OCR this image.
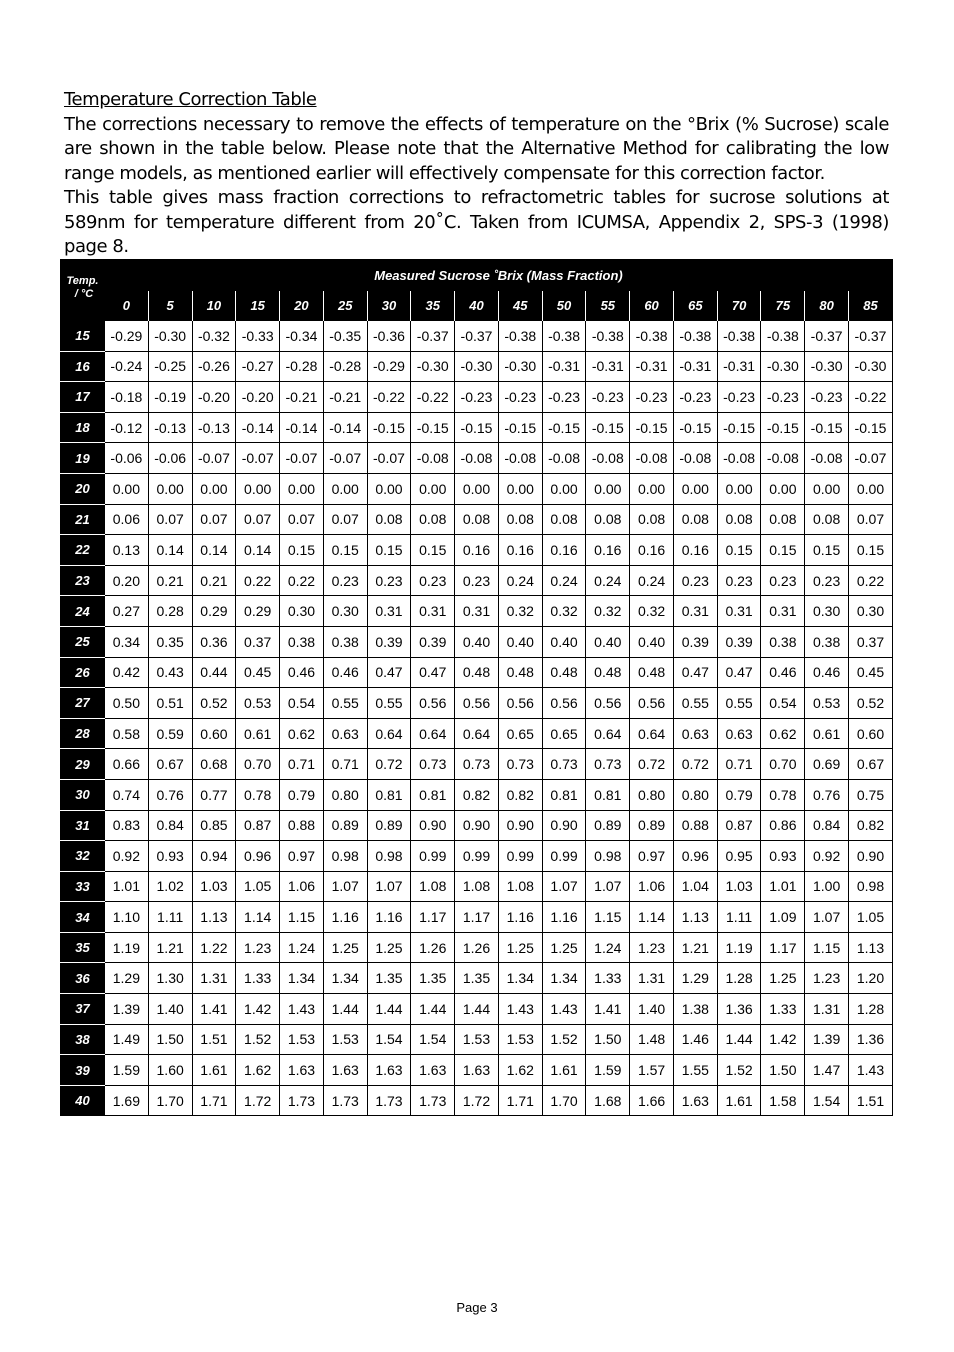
Temperature Correction Table
The corrections necessary to remove the effects of temperature on the °Brix (% Sucrose) scale are shown in the table below. Please note that the Alternative Method for calibrating the low range models, as mentioned earlier will effectively compensate for this correction factor.
This table gives mass fraction corrections to refractometric tables for sucrose solutions at 589nm for temperature different from 20˚C. Taken from ICUMSA, Appendix 2, SPS-3 (1998) page 8.
Temp.
/ °C	Measured Sucrose ˚Brix (Mass Fraction)																	
	0	5	10	15	20	25	30	35	40	45	50	55	60	65	70	75	80	85
15	-0.29	-0.30	-0.32	-0.33	-0.34	-0.35	-0.36	-0.37	-0.37	-0.38	-0.38	-0.38	-0.38	-0.38	-0.38	-0.38	-0.37	-0.37
16	-0.24	-0.25	-0.26	-0.27	-0.28	-0.28	-0.29	-0.30	-0.30	-0.30	-0.31	-0.31	-0.31	-0.31	-0.31	-0.30	-0.30	-0.30
17	-0.18	-0.19	-0.20	-0.20	-0.21	-0.21	-0.22	-0.22	-0.23	-0.23	-0.23	-0.23	-0.23	-0.23	-0.23	-0.23	-0.23	-0.22
18	-0.12	-0.13	-0.13	-0.14	-0.14	-0.14	-0.15	-0.15	-0.15	-0.15	-0.15	-0.15	-0.15	-0.15	-0.15	-0.15	-0.15	-0.15
19	-0.06	-0.06	-0.07	-0.07	-0.07	-0.07	-0.07	-0.08	-0.08	-0.08	-0.08	-0.08	-0.08	-0.08	-0.08	-0.08	-0.08	-0.07
20	0.00	0.00	0.00	0.00	0.00	0.00	0.00	0.00	0.00	0.00	0.00	0.00	0.00	0.00	0.00	0.00	0.00	0.00
21	0.06	0.07	0.07	0.07	0.07	0.07	0.08	0.08	0.08	0.08	0.08	0.08	0.08	0.08	0.08	0.08	0.08	0.07
22	0.13	0.14	0.14	0.14	0.15	0.15	0.15	0.15	0.16	0.16	0.16	0.16	0.16	0.16	0.15	0.15	0.15	0.15
23	0.20	0.21	0.21	0.22	0.22	0.23	0.23	0.23	0.23	0.24	0.24	0.24	0.24	0.23	0.23	0.23	0.23	0.22
24	0.27	0.28	0.29	0.29	0.30	0.30	0.31	0.31	0.31	0.32	0.32	0.32	0.32	0.31	0.31	0.31	0.30	0.30
25	0.34	0.35	0.36	0.37	0.38	0.38	0.39	0.39	0.40	0.40	0.40	0.40	0.40	0.39	0.39	0.38	0.38	0.37
26	0.42	0.43	0.44	0.45	0.46	0.46	0.47	0.47	0.48	0.48	0.48	0.48	0.48	0.47	0.47	0.46	0.46	0.45
27	0.50	0.51	0.52	0.53	0.54	0.55	0.55	0.56	0.56	0.56	0.56	0.56	0.56	0.55	0.55	0.54	0.53	0.52
28	0.58	0.59	0.60	0.61	0.62	0.63	0.64	0.64	0.64	0.65	0.65	0.64	0.64	0.63	0.63	0.62	0.61	0.60
29	0.66	0.67	0.68	0.70	0.71	0.71	0.72	0.73	0.73	0.73	0.73	0.73	0.72	0.72	0.71	0.70	0.69	0.67
30	0.74	0.76	0.77	0.78	0.79	0.80	0.81	0.81	0.82	0.82	0.81	0.81	0.80	0.80	0.79	0.78	0.76	0.75
31	0.83	0.84	0.85	0.87	0.88	0.89	0.89	0.90	0.90	0.90	0.90	0.89	0.89	0.88	0.87	0.86	0.84	0.82
32	0.92	0.93	0.94	0.96	0.97	0.98	0.98	0.99	0.99	0.99	0.99	0.98	0.97	0.96	0.95	0.93	0.92	0.90
33	1.01	1.02	1.03	1.05	1.06	1.07	1.07	1.08	1.08	1.08	1.07	1.07	1.06	1.04	1.03	1.01	1.00	0.98
34	1.10	1.11	1.13	1.14	1.15	1.16	1.16	1.17	1.17	1.16	1.16	1.15	1.14	1.13	1.11	1.09	1.07	1.05
35	1.19	1.21	1.22	1.23	1.24	1.25	1.25	1.26	1.26	1.25	1.25	1.24	1.23	1.21	1.19	1.17	1.15	1.13
36	1.29	1.30	1.31	1.33	1.34	1.34	1.35	1.35	1.35	1.34	1.34	1.33	1.31	1.29	1.28	1.25	1.23	1.20
37	1.39	1.40	1.41	1.42	1.43	1.44	1.44	1.44	1.44	1.43	1.43	1.41	1.40	1.38	1.36	1.33	1.31	1.28
38	1.49	1.50	1.51	1.52	1.53	1.53	1.54	1.54	1.53	1.53	1.52	1.50	1.48	1.46	1.44	1.42	1.39	1.36
39	1.59	1.60	1.61	1.62	1.63	1.63	1.63	1.63	1.63	1.62	1.61	1.59	1.57	1.55	1.52	1.50	1.47	1.43
40	1.69	1.70	1.71	1.72	1.73	1.73	1.73	1.73	1.72	1.71	1.70	1.68	1.66	1.63	1.61	1.58	1.54	1.51
Page 3
